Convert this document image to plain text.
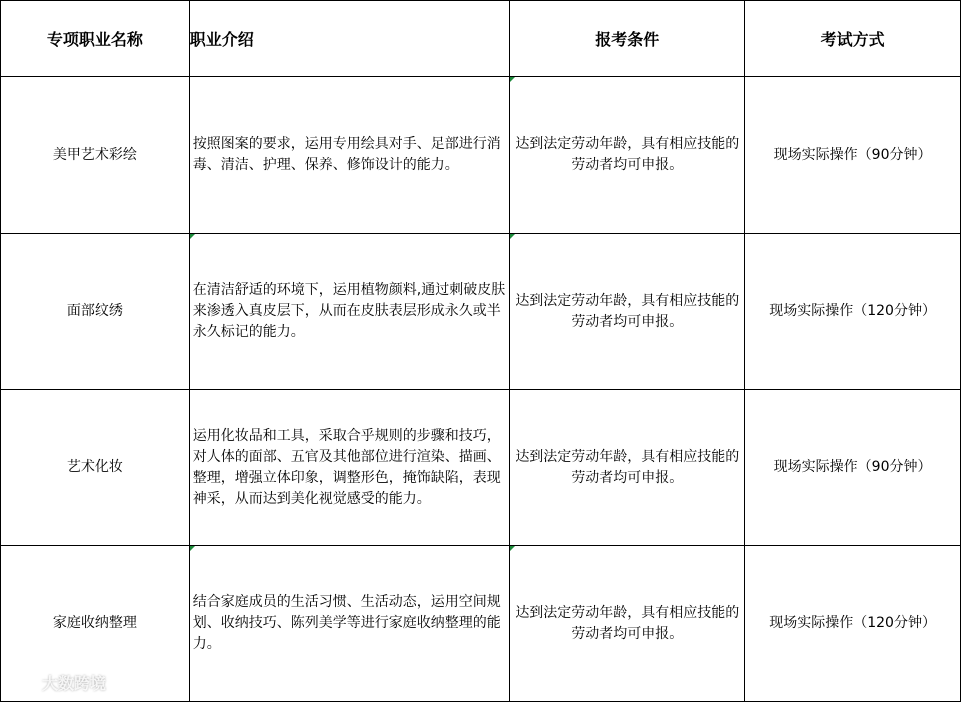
专项职业名称	职业介绍	报考条件	考试方式
美甲艺术彩绘	按照图案的要求，运用专用绘具对手、足部进行消毒、清洁、护理、保养、修饰设计的能力。	达到法定劳动年龄，具有相应技能的劳动者均可申报。	现场实际操作（90分钟）
面部纹绣	在清洁舒适的环境下，运用植物颜料,通过刺破皮肤来渗透入真皮层下，从而在皮肤表层形成永久或半永久标记的能力。	达到法定劳动年龄，具有相应技能的劳动者均可申报。	现场实际操作（120分钟）
艺术化妆	运用化妆品和工具，采取合乎规则的步骤和技巧，对人体的面部、五官及其他部位进行渲染、描画、整理，增强立体印象，调整形色，掩饰缺陷，表现神采，从而达到美化视觉感受的能力。	达到法定劳动年龄，具有相应技能的劳动者均可申报。	现场实际操作（90分钟）
家庭收纳整理	结合家庭成员的生活习惯、生活动态，运用空间规划、收纳技巧、陈列美学等进行家庭收纳整理的能力。	达到法定劳动年龄，具有相应技能的劳动者均可申报。	现场实际操作（120分钟）
大数跨境
